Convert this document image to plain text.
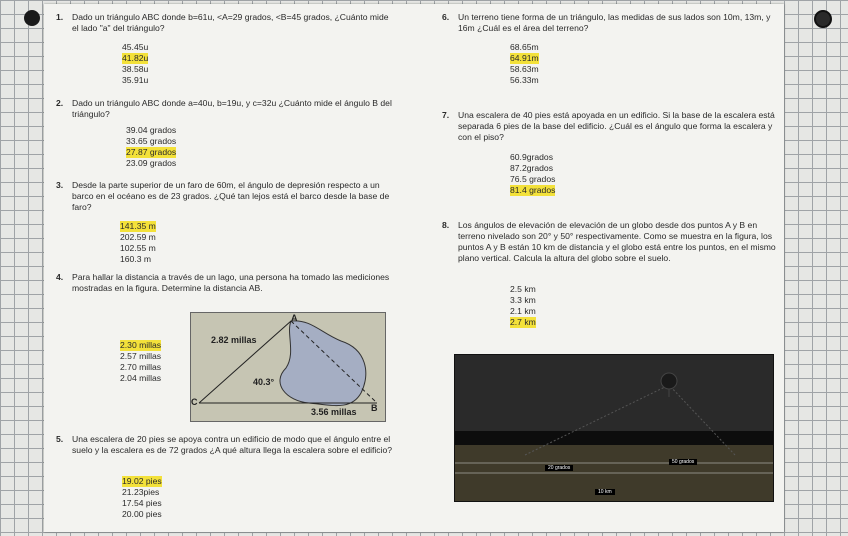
1.	Dado un triángulo ABC donde b=61u, <A=29 grados, <B=45 grados, ¿Cuánto mide el lado "a" del triángulo?
45.45u
41.82u
38.58u
35.91u
2.	Dado un triángulo ABC donde a=40u, b=19u, y c=32u ¿Cuánto mide el ángulo B del triángulo?
39.04 grados
33.65 grados
27.87 grados
23.09 grados
3.	Desde la parte superior de un faro de 60m, el ángulo de depresión respecto a un barco en el océano es de 23 grados. ¿Qué tan lejos está el barco desde la base de faro?
141.35 m
202.59 m
102.55 m
160.3 m
4.	Para hallar la distancia a través de un lago, una persona ha tomado las mediciones mostradas en la figura. Determine la distancia AB.
2.30 millas
2.57 millas
2.70 millas
2.04 millas
2.82 millas
40.3°
3.56 millas
A
B
C
5.	Una escalera de 20 pies se apoya contra un edificio de modo que el ángulo entre el suelo y la escalera es de 72 grados ¿A qué altura llega la escalera sobre el edificio?
19.02 pies
21.23pies
17.54 pies
20.00 pies
6.	Un terreno tiene forma de un triángulo, las medidas de sus lados son 10m, 13m, y 16m ¿Cuál es el área del terreno?
68.65m
64.91m
58.63m
56.33m
7.	Una escalera de 40 pies está apoyada en un edificio. Si la base de la escalera está separada 6 pies de la base del edificio. ¿Cuál es el ángulo que forma la escalera y con el piso?
60.9grados
87.2grados
76.5 grados
81.4 grados
8.	Los ángulos de elevación de elevación de un globo desde dos puntos A y B en terreno nivelado son 20° y 50° respectivamente. Como se muestra en la figura, los puntos A y B están 10 km de distancia y el globo está entre los puntos, en el mismo plano vertical. Calcula la altura del globo sobre el suelo.
2.5 km
3.3 km
2.1 km
2.7 km
20 grados
50 grados
10 km
